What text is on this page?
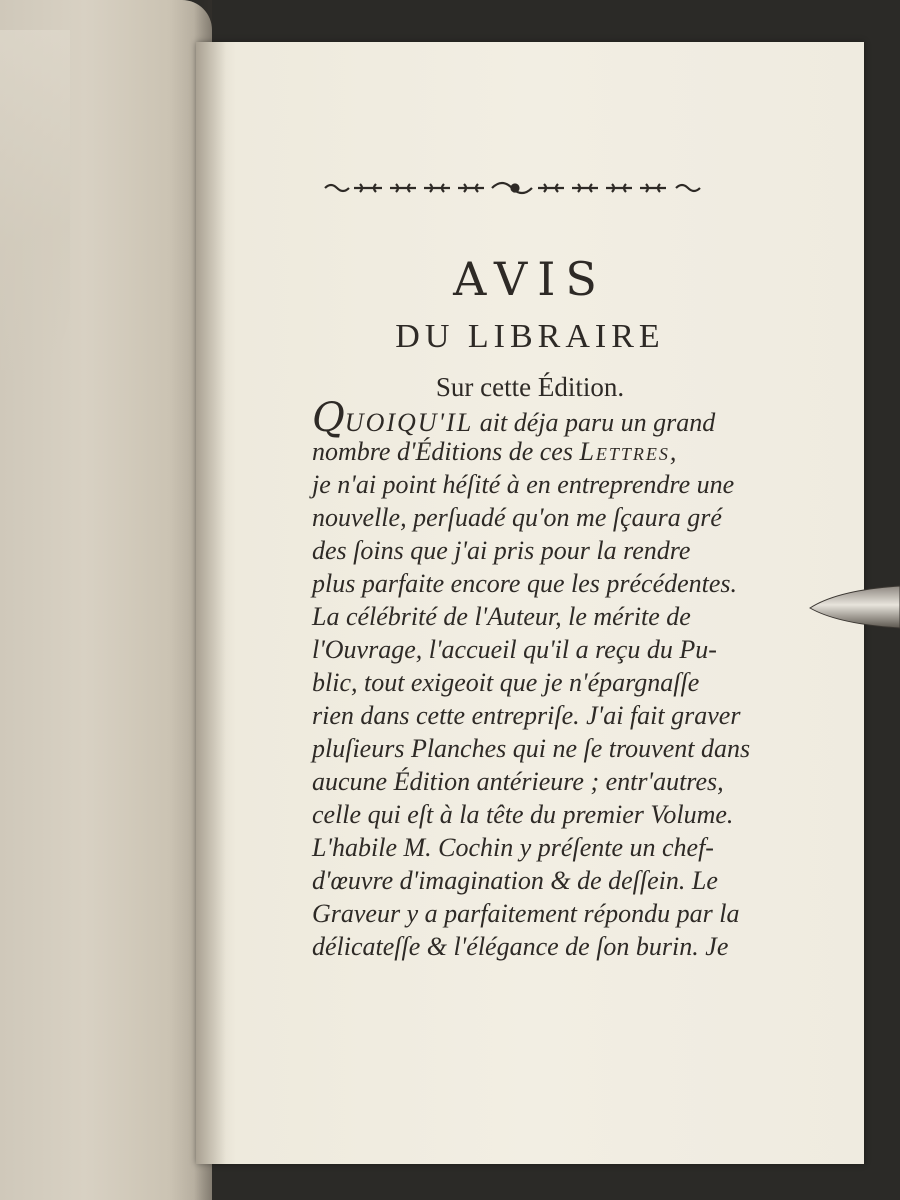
AVIS
DU LIBRAIRE
Sur cette Édition.
QUOIQU'IL ait déja paru un grand
nombre d'Éditions de ces Lettres,
je n'ai point héſité à en entreprendre une
nouvelle, perſuadé qu'on me ſçaura gré
des ſoins que j'ai pris pour la rendre
plus parfaite encore que les précédentes.
La célébrité de l'Auteur, le mérite de
l'Ouvrage, l'accueil qu'il a reçu du Pu-
blic, tout exigeoit que je n'épargnaſſe
rien dans cette entrepriſe. J'ai fait graver
pluſieurs Planches qui ne ſe trouvent dans
aucune Édition antérieure ; entr'autres,
celle qui eſt à la tête du premier Volume.
L'habile M. Cochin y préſente un chef-
d'œuvre d'imagination & de deſſein. Le
Graveur y a parfaitement répondu par la
délicateſſe & l'élégance de ſon burin. Je
